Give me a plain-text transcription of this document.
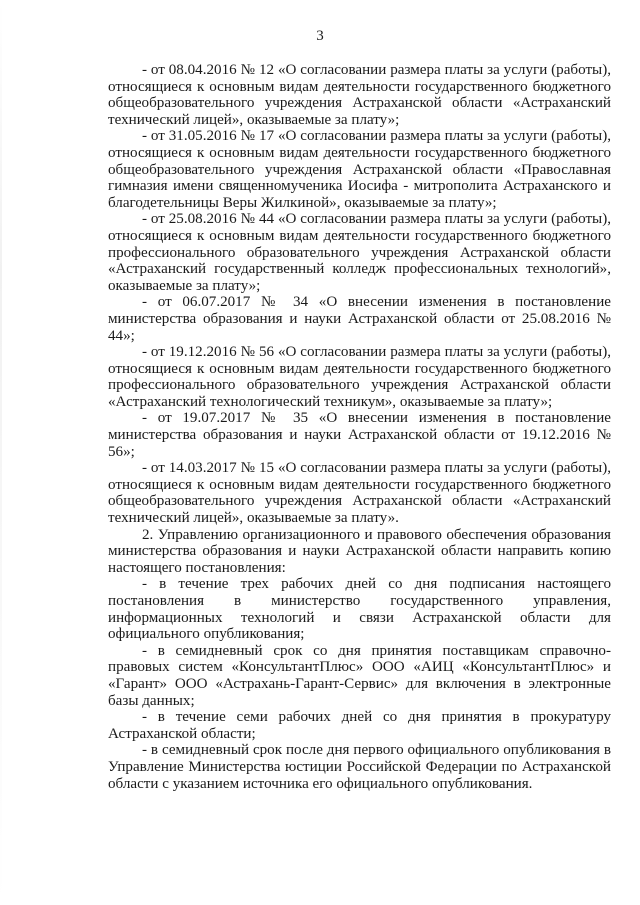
3

- от 08.04.2016 № 12 «О согласовании размера платы за услуги (работы), относящиеся к основным видам деятельности государственного бюджетного общеобразовательного учреждения Астраханской области «Астраханский технический лицей», оказываемые за плату»;

- от 31.05.2016 № 17 «О согласовании размера платы за услуги (работы), относящиеся к основным видам деятельности государственного бюджетного общеобразовательного учреждения Астраханской области «Православная гимназия имени священномученика Иосифа - митрополита Астраханского и благодетельницы Веры Жилкиной», оказываемые за плату»;

- от 25.08.2016 № 44 «О согласовании размера платы за услуги (работы), относящиеся к основным видам деятельности государственного бюджетного профессионального образовательного учреждения Астраханской области «Астраханский государственный колледж профессиональных технологий», оказываемые за плату»;

- от 06.07.2017 № 34 «О внесении изменения в постановление министерства образования и науки Астраханской области от 25.08.2016 № 44»;

- от 19.12.2016 № 56 «О согласовании размера платы за услуги (работы), относящиеся к основным видам деятельности государственного бюджетного профессионального образовательного учреждения Астраханской области «Астраханский технологический техникум», оказываемые за плату»;

- от 19.07.2017 № 35 «О внесении изменения в постановление министерства образования и науки Астраханской области от 19.12.2016 № 56»;

- от 14.03.2017 № 15 «О согласовании размера платы за услуги (работы), относящиеся к основным видам деятельности государственного бюджетного общеобразовательного учреждения Астраханской области «Астраханский технический лицей», оказываемые за плату».

2. Управлению организационного и правового обеспечения образования министерства образования и науки Астраханской области направить копию настоящего постановления:

- в течение трех рабочих дней со дня подписания настоящего постановления в министерство государственного управления, информационных технологий и связи Астраханской области для официального опубликования;

- в семидневный срок со дня принятия поставщикам справочно-правовых систем «КонсультантПлюс» ООО «АИЦ «КонсультантПлюс» и «Гарант» ООО «Астрахань-Гарант-Сервис» для включения в электронные базы данных;

- в течение семи рабочих дней со дня принятия в прокуратуру Астраханской области;

- в семидневный срок после дня первого официального опубликования в Управление Министерства юстиции Российской Федерации по Астраханской области с указанием источника его официального опубликования.
